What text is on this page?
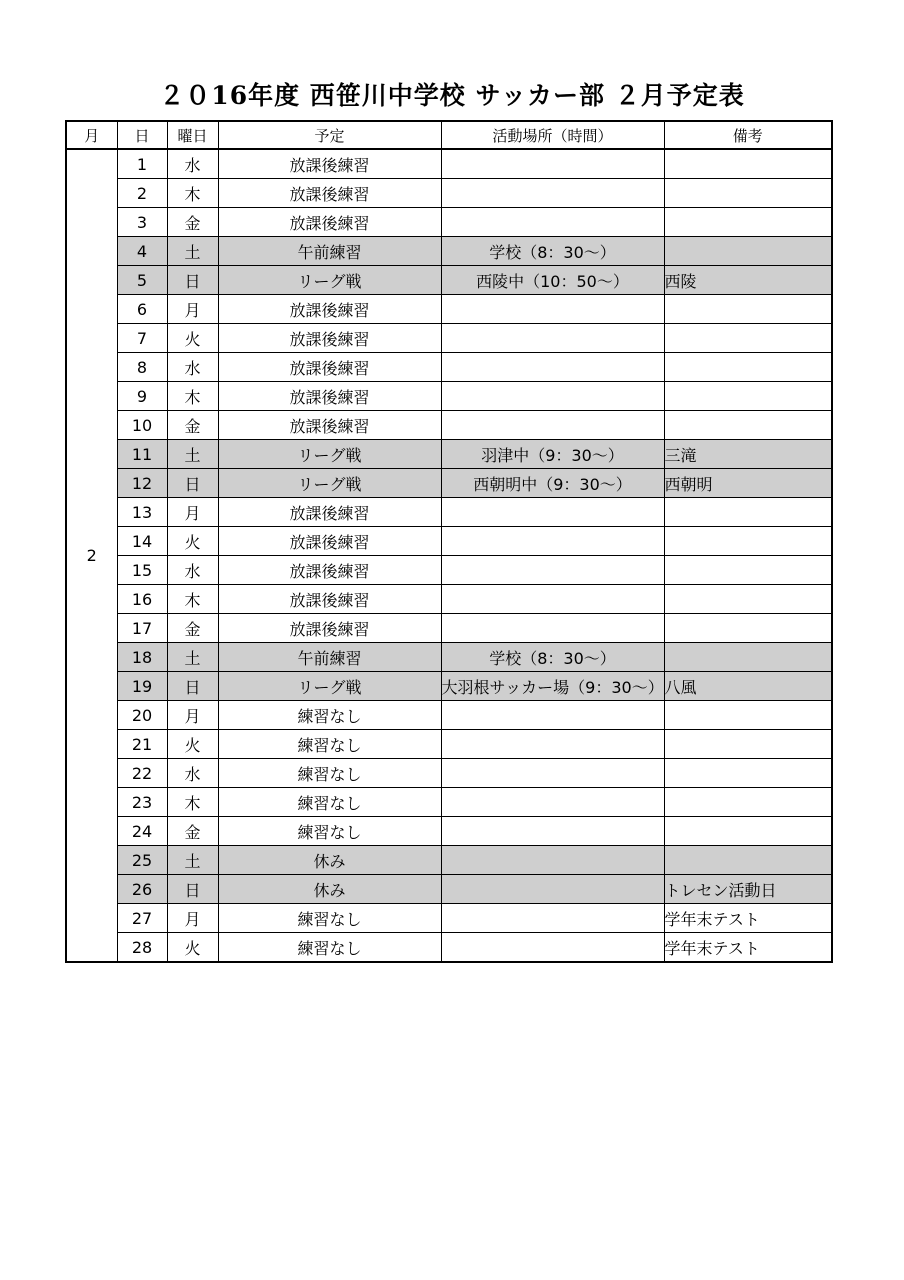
２０16年度 西笹川中学校 サッカー部 ２月予定表
月	日	曜日	予定	活動場所（時間）	備考
2	1	水	放課後練習		
	2	木	放課後練習		
	3	金	放課後練習		
	4	土	午前練習	学校（8：30～）	
	5	日	リーグ戦	西陵中（10：50～）	西陵
	6	月	放課後練習		
	7	火	放課後練習		
	8	水	放課後練習		
	9	木	放課後練習		
	10	金	放課後練習		
	11	土	リーグ戦	羽津中（9：30～）	三滝
	12	日	リーグ戦	西朝明中（9：30～）	西朝明
	13	月	放課後練習		
	14	火	放課後練習		
	15	水	放課後練習		
	16	木	放課後練習		
	17	金	放課後練習		
	18	土	午前練習	学校（8：30～）	
	19	日	リーグ戦	大羽根サッカー場（9：30～）	八風
	20	月	練習なし		
	21	火	練習なし		
	22	水	練習なし		
	23	木	練習なし		
	24	金	練習なし		
	25	土	休み		
	26	日	休み		トレセン活動日
	27	月	練習なし		学年末テスト
	28	火	練習なし		学年末テスト
